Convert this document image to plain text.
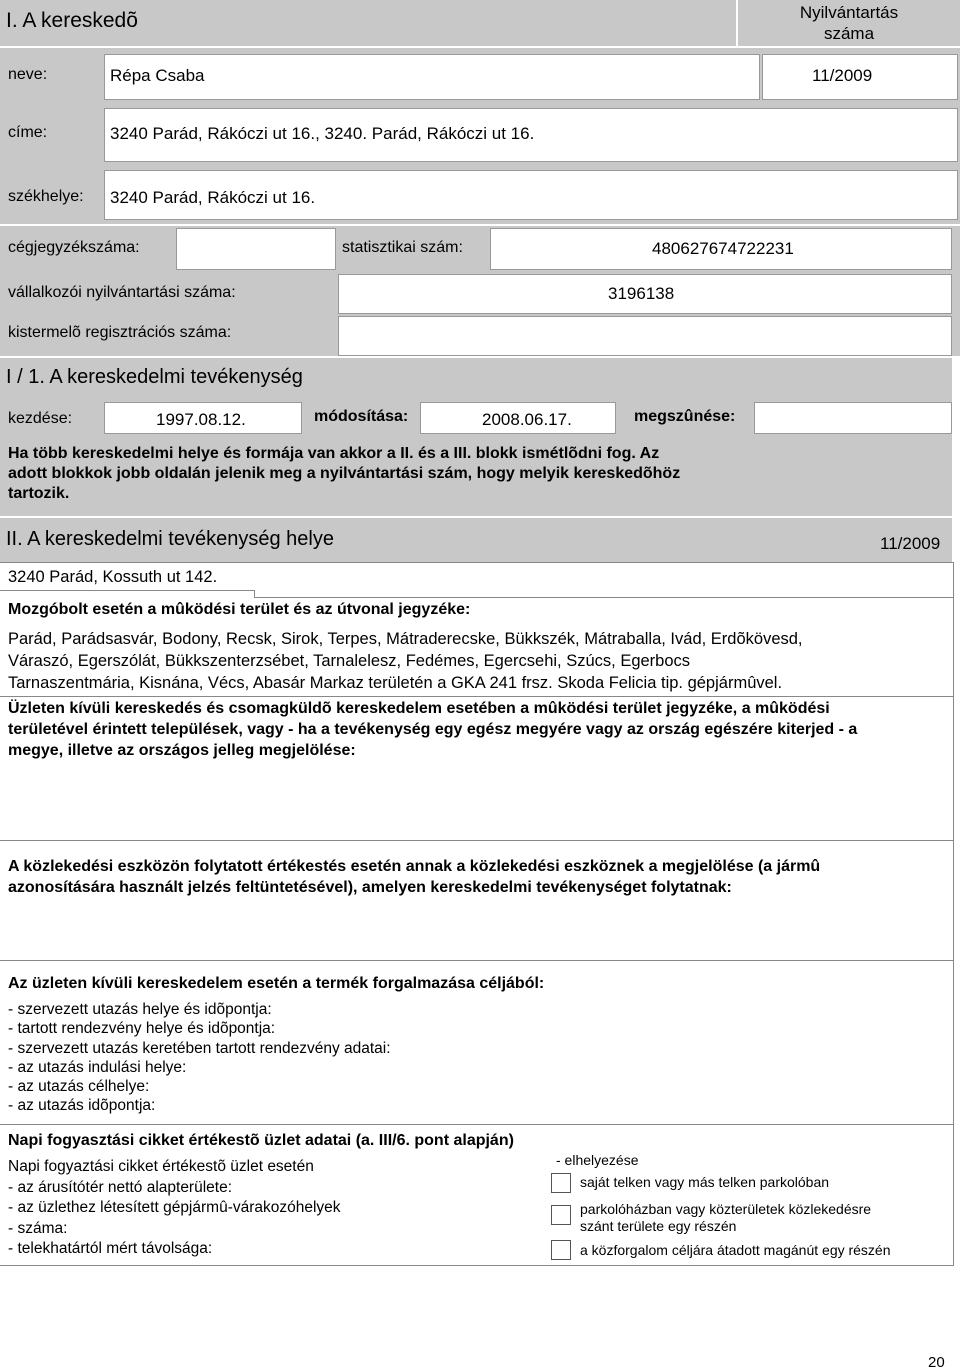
I. A kereskedõ	Nyilvántartás
száma
neve:	Répa Csaba	11/2009
címe:	3240 Parád, Rákóczi ut 16., 3240. Parád, Rákóczi ut 16.
székhelye: 3240 Parád, Rákóczi ut 16.
cégjegyzékszáma:	statisztikai szám:	480627674722231
vállalkozói nyilvántartási száma:	3196138
kistermelõ regisztrációs száma:
I / 1. A kereskedelmi tevékenység
kezdése:	1997.08.12.	módosítása:	2008.06.17.	megszûnése:
Ha több kereskedelmi helye és formája van akkor a II. és a III. blokk ismétlõdni fog. Az
adott blokkok jobb oldalán jelenik meg a nyilvántartási szám, hogy melyik kereskedõhöz
tartozik.
II. A kereskedelmi tevékenység helye	11/2009
3240 Parád, Kossuth ut 142.
Mozgóbolt esetén a mûködési terület és az útvonal jegyzéke:
Parád, Parádsasvár, Bodony, Recsk, Sirok, Terpes, Mátraderecske, Bükkszék, Mátraballa, Ivád, Erdõkövesd,
Váraszó, Egerszólát, Bükkszenterzsébet, Tarnalelesz, Fedémes, Egercsehi, Szúcs, Egerbocs
Tarnaszentmária, Kisnána, Vécs, Abasár Markaz területén a GKA 241 frsz. Skoda Felicia tip. gépjármûvel.
Üzleten kívüli kereskedés és csomagküldõ kereskedelem esetében a mûködési terület jegyzéke, a mûködési
területével érintett települések, vagy - ha a tevékenység egy egész megyére vagy az ország egészére kiterjed - a
megye, illetve az országos jelleg megjelölése:
A közlekedési eszközön folytatott értékestés esetén annak a közlekedési eszköznek a megjelölése (a jármû
azonosítására használt jelzés feltüntetésével), amelyen kereskedelmi tevékenységet folytatnak:
Az üzleten kívüli kereskedelem esetén a termék forgalmazása céljából:
- szervezett utazás helye és idõpontja:
- tartott rendezvény helye és idõpontja:
- szervezett utazás keretében tartott rendezvény adatai:
- az utazás indulási helye:
- az utazás célhelye:
- az utazás idõpontja:
Napi fogyasztási cikket értékestõ üzlet adatai (a. III/6. pont alapján)
Napi fogyaztási cikket értékestõ üzlet esetén
- az árusítótér nettó alapterülete:
- az üzlethez létesített gépjármû-várakozóhelyek
- száma:
- telekhatártól mért távolsága:
- elhelyezése
saját telken vagy más telken parkolóban
parkolóházban vagy közterületek közlekedésre
szánt területe egy részén
a közforgalom céljára átadott magánút egy részén
20
